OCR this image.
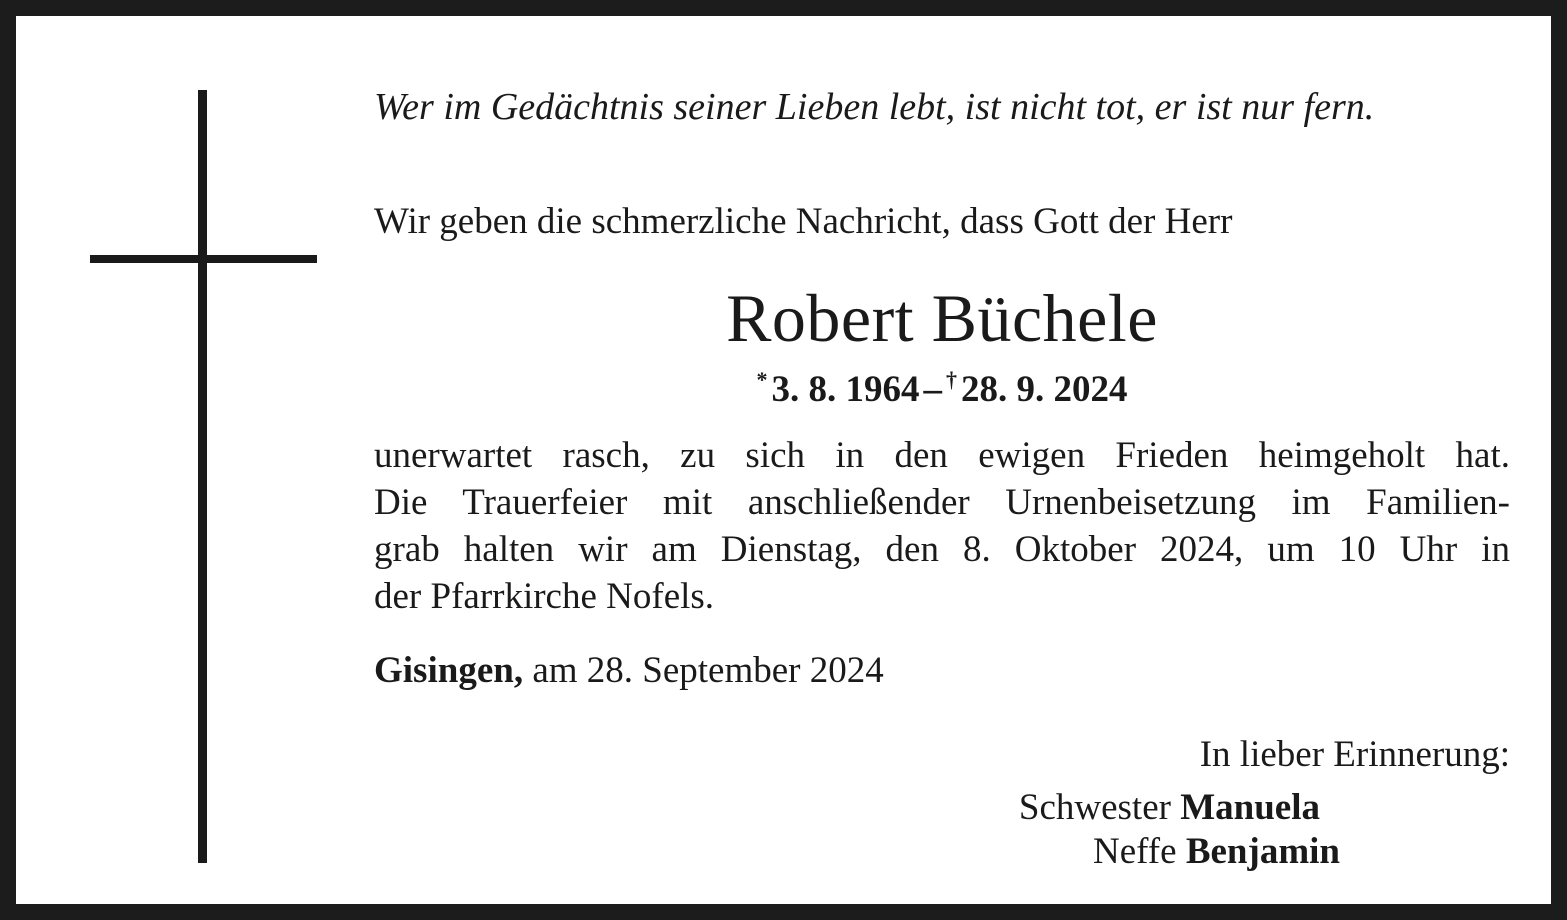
Wer im Gedächtnis seiner Lieben lebt, ist nicht tot, er ist nur fern.
Wir geben die schmerzliche Nachricht, dass Gott der Herr
Robert Büchele
* 3. 8. 1964 – † 28. 9. 2024
unerwartet rasch, zu sich in den ewigen Frieden heimgeholt hat.
Die Trauerfeier mit anschließender Urnenbeisetzung im Familien-
grab halten wir am Dienstag, den 8. Oktober 2024, um 10 Uhr in
der Pfarrkirche Nofels.
Gisingen, am 28. September 2024
In lieber Erinnerung:
Schwester Manuela
Neffe Benjamin
